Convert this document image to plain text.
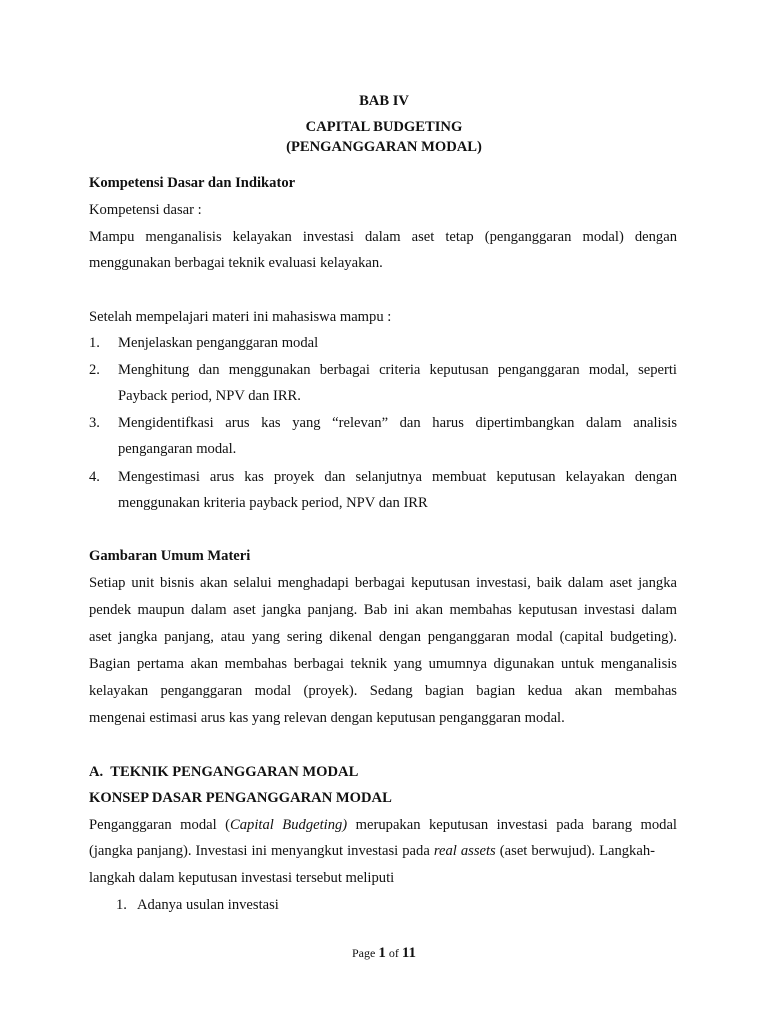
BAB IV
CAPITAL BUDGETING
(PENGANGGARAN MODAL)
Kompetensi Dasar dan Indikator
Kompetensi dasar :
Mampu menganalisis kelayakan investasi dalam aset tetap (penganggaran modal) dengan
menggunakan berbagai teknik evaluasi kelayakan.
Setelah mempelajari materi ini mahasiswa mampu :
1. Menjelaskan penganggaran modal
2. Menghitung dan menggunakan berbagai criteria keputusan penganggaran modal, seperti
Payback period, NPV dan IRR.
3. Mengidentifkasi arus kas yang “relevan” dan harus dipertimbangkan dalam analisis
pengangaran modal.
4. Mengestimasi arus kas proyek dan selanjutnya membuat keputusan kelayakan dengan
menggunakan kriteria payback period, NPV dan IRR
Gambaran Umum Materi
Setiap unit bisnis akan selalui menghadapi berbagai keputusan investasi, baik dalam aset jangka
pendek maupun dalam aset jangka panjang. Bab ini akan membahas keputusan investasi dalam
aset jangka panjang, atau yang sering dikenal dengan penganggaran modal (capital budgeting).
Bagian pertama akan membahas berbagai teknik yang umumnya digunakan untuk menganalisis
kelayakan penganggaran modal (proyek). Sedang bagian bagian kedua akan membahas
mengenai estimasi arus kas yang relevan dengan keputusan penganggaran modal.
A.  TEKNIK PENGANGGARAN MODAL
KONSEP DASAR PENGANGGARAN MODAL
Penganggaran modal (Capital Budgeting) merupakan keputusan investasi pada barang modal
(jangka panjang). Investasi ini menyangkut investasi pada real assets (aset berwujud). Langkah-
langkah dalam keputusan investasi tersebut meliputi
1. Adanya usulan investasi
Page 1 of 11
